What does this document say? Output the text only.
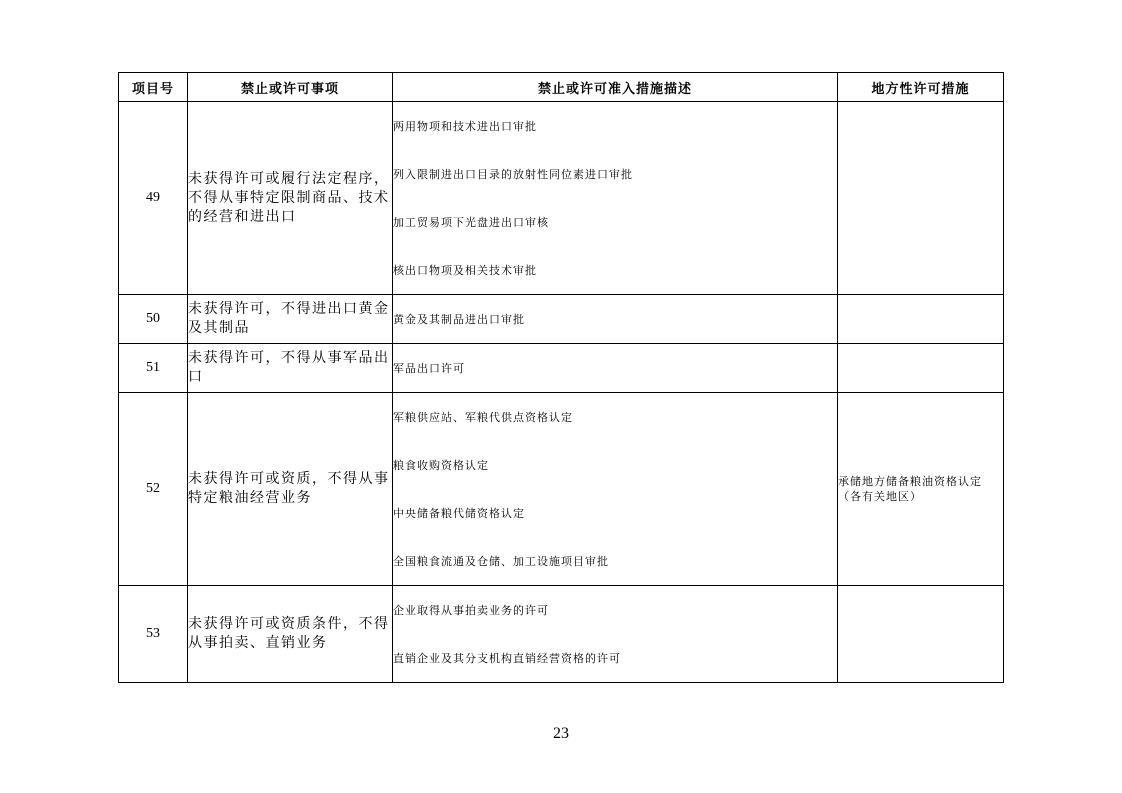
项目号	禁止或许可事项	禁止或许可准入措施描述	地方性许可措施
49	未获得许可或履行法定程序，不得从事特定限制商品、技术的经营和进出口	两用物项和技术进出口审批
列入限制进出口目录的放射性同位素进口审批
加工贸易项下光盘进出口审核
核出口物项及相关技术审批	

50	未获得许可，不得进出口黄金及其制品	黄金及其制品进出口审批	

51	未获得许可，不得从事军品出口	军品出口许可	

52	未获得许可或资质，不得从事特定粮油经营业务	军粮供应站、军粮代供点资格认定
粮食收购资格认定
中央储备粮代储资格认定
全国粮食流通及仓储、加工设施项目审批	承储地方储备粮油资格认定（各有关地区）
53	未获得许可或资质条件，不得从事拍卖、直销业务	企业取得从事拍卖业务的许可
直销企业及其分支机构直销经营资格的许可	

23
